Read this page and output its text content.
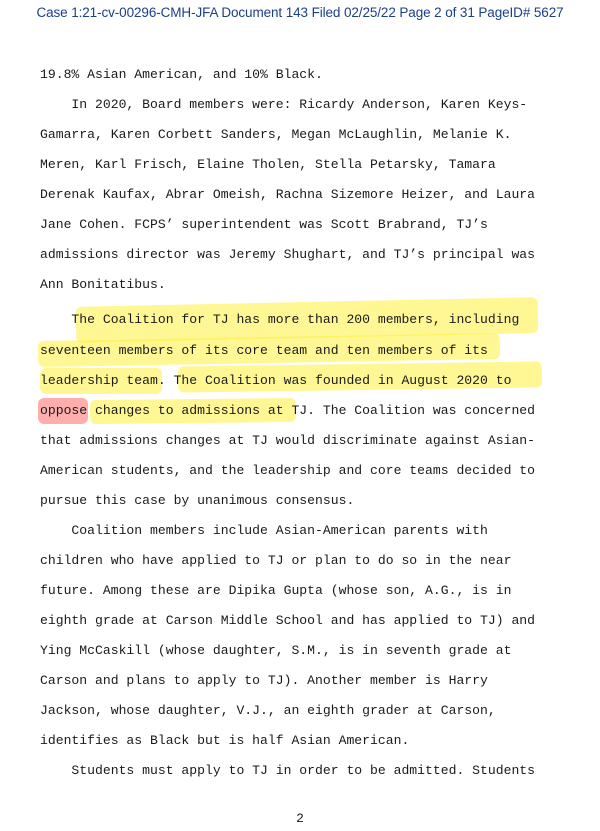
Case 1:21-cv-00296-CMH-JFA Document 143 Filed 02/25/22 Page 2 of 31 PageID# 5627
19.8% Asian American, and 10% Black.
In 2020, Board members were: Ricardy Anderson, Karen Keys-
Gamarra, Karen Corbett Sanders, Megan McLaughlin, Melanie K.
Meren, Karl Frisch, Elaine Tholen, Stella Petarsky, Tamara
Derenak Kaufax, Abrar Omeish, Rachna Sizemore Heizer, and Laura
Jane Cohen. FCPS’ superintendent was Scott Brabrand, TJ’s
admissions director was Jeremy Shughart, and TJ’s principal was
Ann Bonitatibus.
The Coalition for TJ has more than 200 members, including
seventeen members of its core team and ten members of its
leadership team. The Coalition was founded in August 2020 to
oppose changes to admissions at TJ. The Coalition was concerned
that admissions changes at TJ would discriminate against Asian-
American students, and the leadership and core teams decided to
pursue this case by unanimous consensus.
Coalition members include Asian-American parents with
children who have applied to TJ or plan to do so in the near
future. Among these are Dipika Gupta (whose son, A.G., is in
eighth grade at Carson Middle School and has applied to TJ) and
Ying McCaskill (whose daughter, S.M., is in seventh grade at
Carson and plans to apply to TJ). Another member is Harry
Jackson, whose daughter, V.J., an eighth grader at Carson,
identifies as Black but is half Asian American.
Students must apply to TJ in order to be admitted. Students
2
